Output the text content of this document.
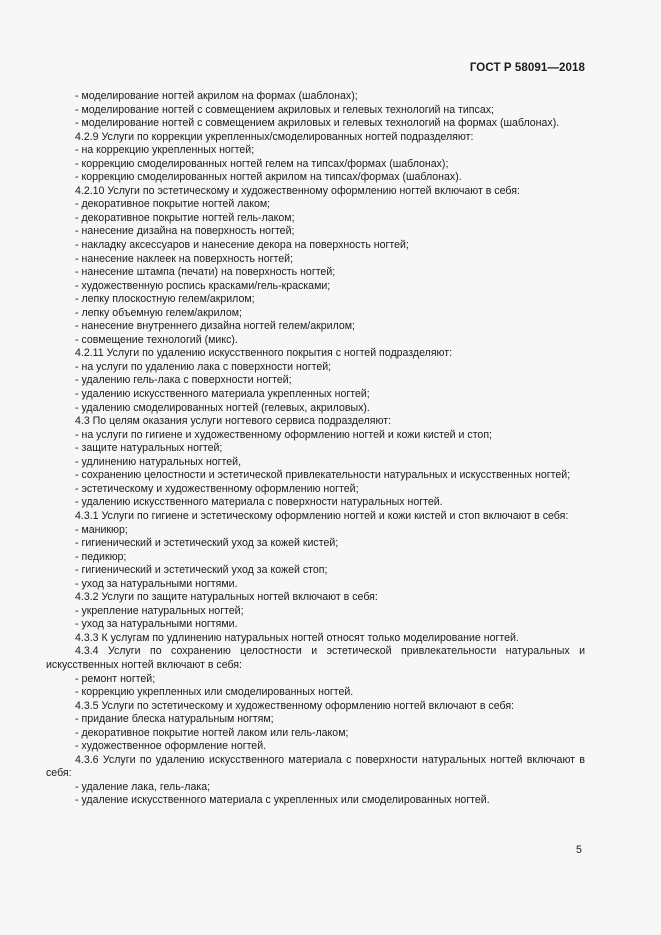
ГОСТ Р 58091—2018
- моделирование ногтей акрилом на формах (шаблонах);
- моделирование ногтей с совмещением акриловых и гелевых технологий на типсах;
- моделирование ногтей с совмещением акриловых и гелевых технологий на формах (шаблонах).
4.2.9 Услуги по коррекции укрепленных/смоделированных ногтей подразделяют:
- на коррекцию укрепленных ногтей;
- коррекцию смоделированных ногтей гелем на типсах/формах (шаблонах);
- коррекцию смоделированных ногтей акрилом на типсах/формах (шаблонах).
4.2.10 Услуги по эстетическому и художественному оформлению ногтей включают в себя:
- декоративное покрытие ногтей лаком;
- декоративное покрытие ногтей гель-лаком;
- нанесение дизайна на поверхность ногтей;
- накладку аксессуаров и нанесение декора на поверхность ногтей;
- нанесение наклеек на поверхность ногтей;
- нанесение штампа (печати) на поверхность ногтей;
- художественную роспись красками/гель-красками;
- лепку плоскостную гелем/акрилом;
- лепку объемную гелем/акрилом;
- нанесение внутреннего дизайна ногтей гелем/акрилом;
- совмещение технологий (микс).
4.2.11 Услуги по удалению искусственного покрытия с ногтей подразделяют:
- на услуги по удалению лака с поверхности ногтей;
- удалению гель-лака с поверхности ногтей;
- удалению искусственного материала укрепленных ногтей;
- удалению смоделированных ногтей (гелевых, акриловых).
4.3 По целям оказания услуги ногтевого сервиса подразделяют:
- на услуги по гигиене и художественному оформлению ногтей и кожи кистей и стоп;
- защите натуральных ногтей;
- удлинению натуральных ногтей,
- сохранению целостности и эстетической привлекательности натуральных и искусственных ногтей;
- эстетическому и художественному оформлению ногтей;
- удалению искусственного материала с поверхности натуральных ногтей.
4.3.1 Услуги по гигиене и эстетическому оформлению ногтей и кожи кистей и стоп включают в себя:
- маникюр;
- гигиенический и эстетический уход за кожей кистей;
- педикюр;
- гигиенический и эстетический уход за кожей стоп;
- уход за натуральными ногтями.
4.3.2 Услуги по защите натуральных ногтей включают в себя:
- укрепление натуральных ногтей;
- уход за натуральными ногтями.
4.3.3 К услугам по удлинению натуральных ногтей относят только моделирование ногтей.
4.3.4 Услуги по сохранению целостности и эстетической привлекательности натуральных и искусственных ногтей включают в себя:
- ремонт ногтей;
- коррекцию укрепленных или смоделированных ногтей.
4.3.5 Услуги по эстетическому и художественному оформлению ногтей включают в себя:
- придание блеска натуральным ногтям;
- декоративное покрытие ногтей лаком или гель-лаком;
- художественное оформление ногтей.
4.3.6 Услуги по удалению искусственного материала с поверхности натуральных ногтей включают в себя:
- удаление лака, гель-лака;
- удаление искусственного материала с укрепленных или смоделированных ногтей.
5
